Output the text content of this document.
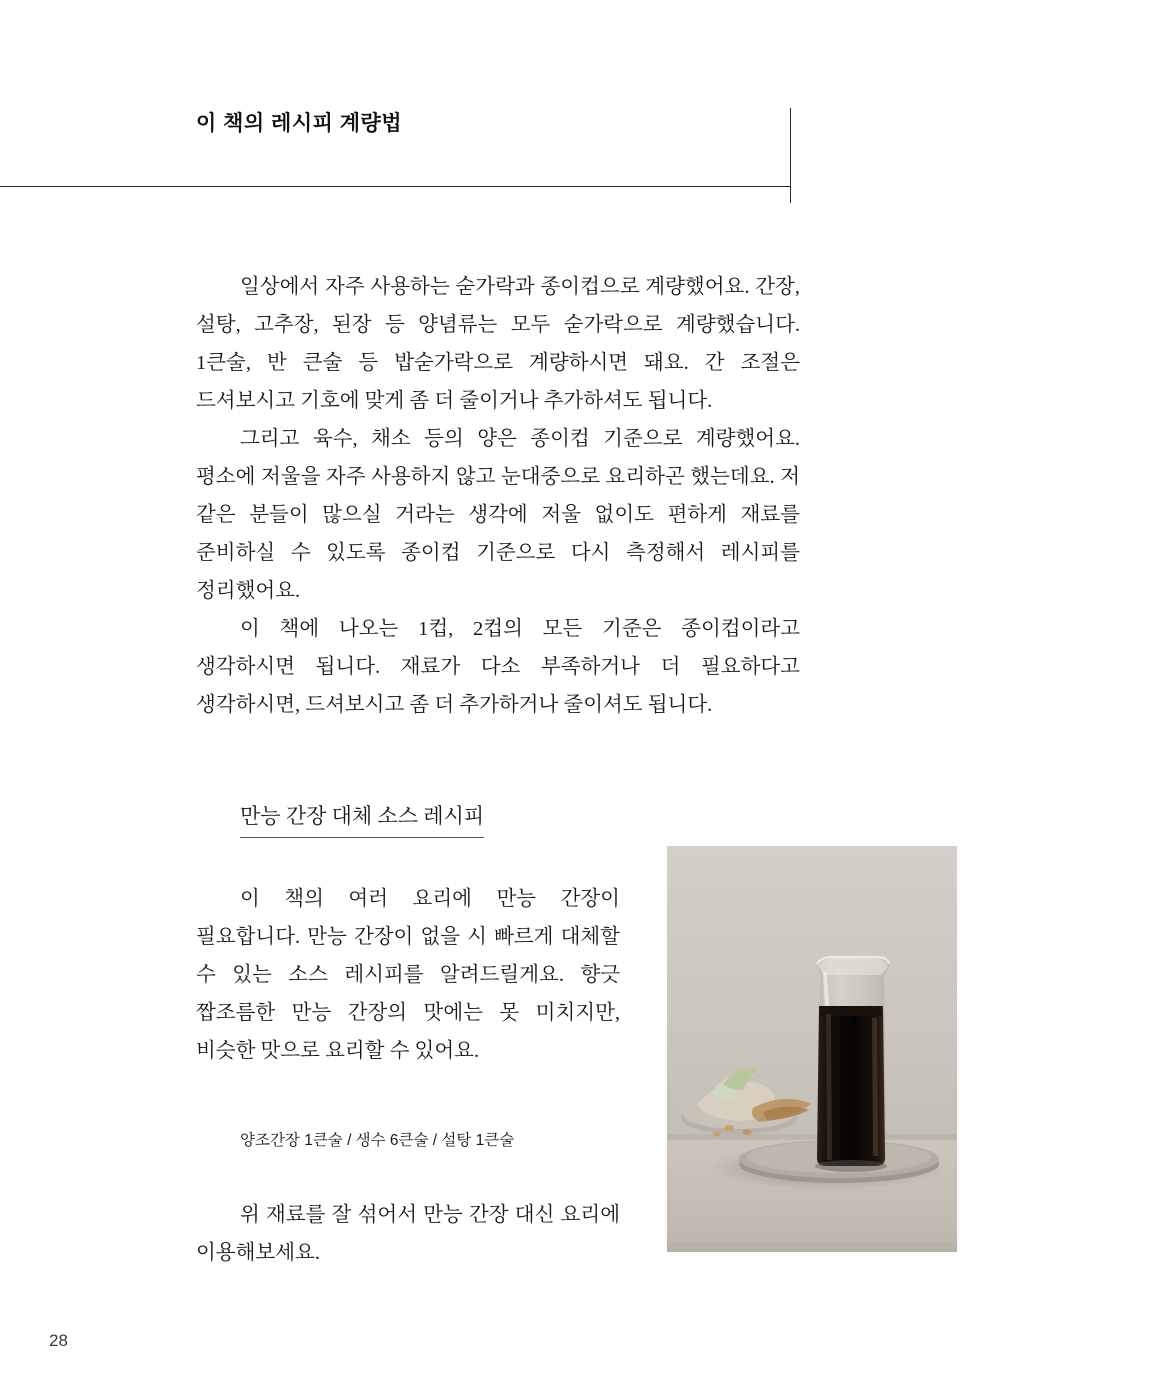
이 책의 레시피 계량법

일상에서 자주 사용하는 숟가락과 종이컵으로 계량했어요. 간장, 설탕, 고추장, 된장 등 양념류는 모두 숟가락으로 계량했습니다. 1큰술, 반 큰술 등 밥숟가락으로 계량하시면 돼요. 간 조절은 드셔보시고 기호에 맞게 좀 더 줄이거나 추가하셔도 됩니다.

그리고 육수, 채소 등의 양은 종이컵 기준으로 계량했어요. 평소에 저울을 자주 사용하지 않고 눈대중으로 요리하곤 했는데요. 저 같은 분들이 많으실 거라는 생각에 저울 없이도 편하게 재료를 준비하실 수 있도록 종이컵 기준으로 다시 측정해서 레시피를 정리했어요.

이 책에 나오는 1컵, 2컵의 모든 기준은 종이컵이라고 생각하시면 됩니다. 재료가 다소 부족하거나 더 필요하다고 생각하시면, 드셔보시고 좀 더 추가하거나 줄이셔도 됩니다.

만능 간장 대체 소스 레시피

이 책의 여러 요리에 만능 간장이 필요합니다. 만능 간장이 없을 시 빠르게 대체할 수 있는 소스 레시피를 알려드릴게요. 향긋 짭조름한 만능 간장의 맛에는 못 미치지만, 비슷한 맛으로 요리할 수 있어요.

양조간장 1큰술 / 생수 6큰술 / 설탕 1큰술

위 재료를 잘 섞어서 만능 간장 대신 요리에 이용해보세요.

28
